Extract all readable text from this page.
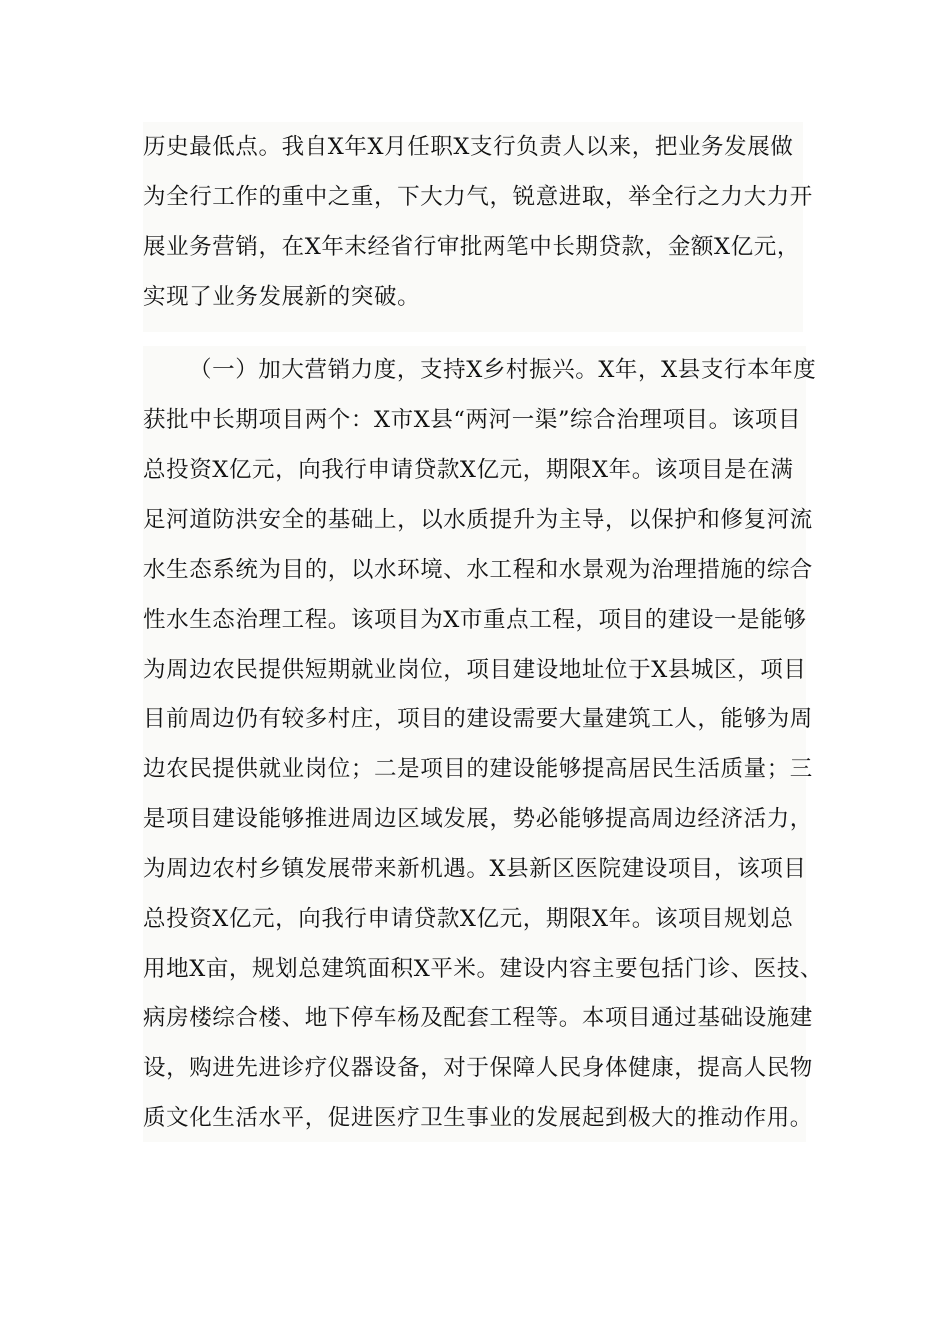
历史最低点。我自X年X月任职X支行负责人以来，把业务发展做
为全行工作的重中之重，下大力气，锐意进取，举全行之力大力开
展业务营销，在X年末经省行审批两笔中长期贷款，金额X亿元，
实现了业务发展新的突破。
（一）加大营销力度，支持X乡村振兴。X年，X县支行本年度
获批中长期项目两个：X市X县“两河一渠”综合治理项目。该项目
总投资X亿元，向我行申请贷款X亿元，期限X年。该项目是在满
足河道防洪安全的基础上，以水质提升为主导，以保护和修复河流
水生态系统为目的，以水环境、水工程和水景观为治理措施的综合
性水生态治理工程。该项目为X市重点工程，项目的建设一是能够
为周边农民提供短期就业岗位，项目建设地址位于X县城区，项目
目前周边仍有较多村庄，项目的建设需要大量建筑工人，能够为周
边农民提供就业岗位；二是项目的建设能够提高居民生活质量；三
是项目建设能够推进周边区域发展，势必能够提高周边经济活力，
为周边农村乡镇发展带来新机遇。X县新区医院建设项目，该项目
总投资X亿元，向我行申请贷款X亿元，期限X年。该项目规划总
用地X亩，规划总建筑面积X平米。建设内容主要包括门诊、医技、
病房楼综合楼、地下停车杨及配套工程等。本项目通过基础设施建
设，购进先进诊疗仪器设备，对于保障人民身体健康，提高人民物
质文化生活水平，促进医疗卫生事业的发展起到极大的推动作用。
